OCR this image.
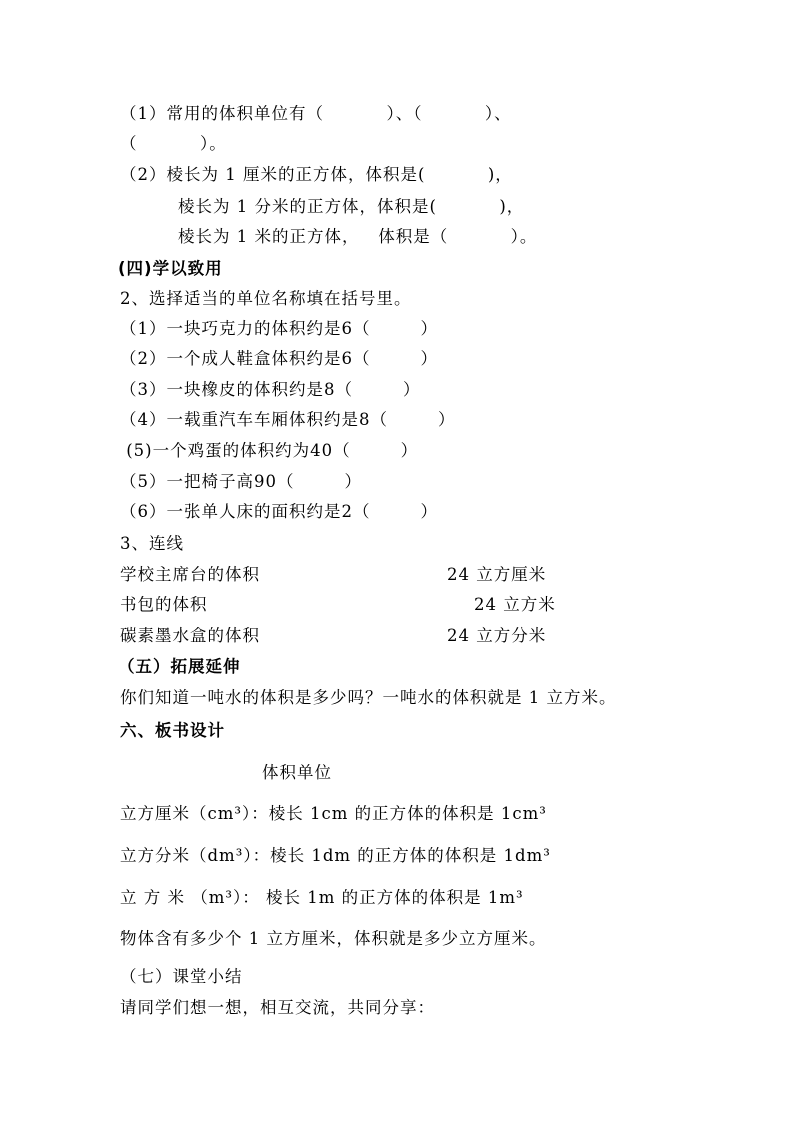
（1）常用的体积单位有（          ）、（          ）、
（          ）。
（2）棱长为 1 厘米的正方体，体积是(          )，
棱长为 1 分米的正方体，体积是(          )，
棱长为 1 米的正方体，   体积是（          ）。
(四)学以致用
2、选择适当的单位名称填在括号里。
（1）一块巧克力的体积约是6（        ）
（2）一个成人鞋盒体积约是6（        ）
（3）一块橡皮的体积约是8（        ）
（4）一载重汽车车厢体积约是8（        ）
(5)一个鸡蛋的体积约为40（        ）
（5）一把椅子高90（        ）
（6）一张单人床的面积约是2（        ）
3、连线
学校主席台的体积	24 立方厘米
书包的体积	24 立方米
碳素墨水盒的体积	24 立方分米
（五）拓展延伸
你们知道一吨水的体积是多少吗？一吨水的体积就是 1 立方米。
六、板书设计
体积单位
立方厘米（cm³）：棱长 1cm 的正方体的体积是 1cm³
立方分米（dm³）：棱长 1dm 的正方体的体积是 1dm³
立 方 米 （m³）： 棱长 1m 的正方体的体积是 1m³
物体含有多少个 1 立方厘米，体积就是多少立方厘米。
（七）课堂小结
请同学们想一想，相互交流，共同分享：
